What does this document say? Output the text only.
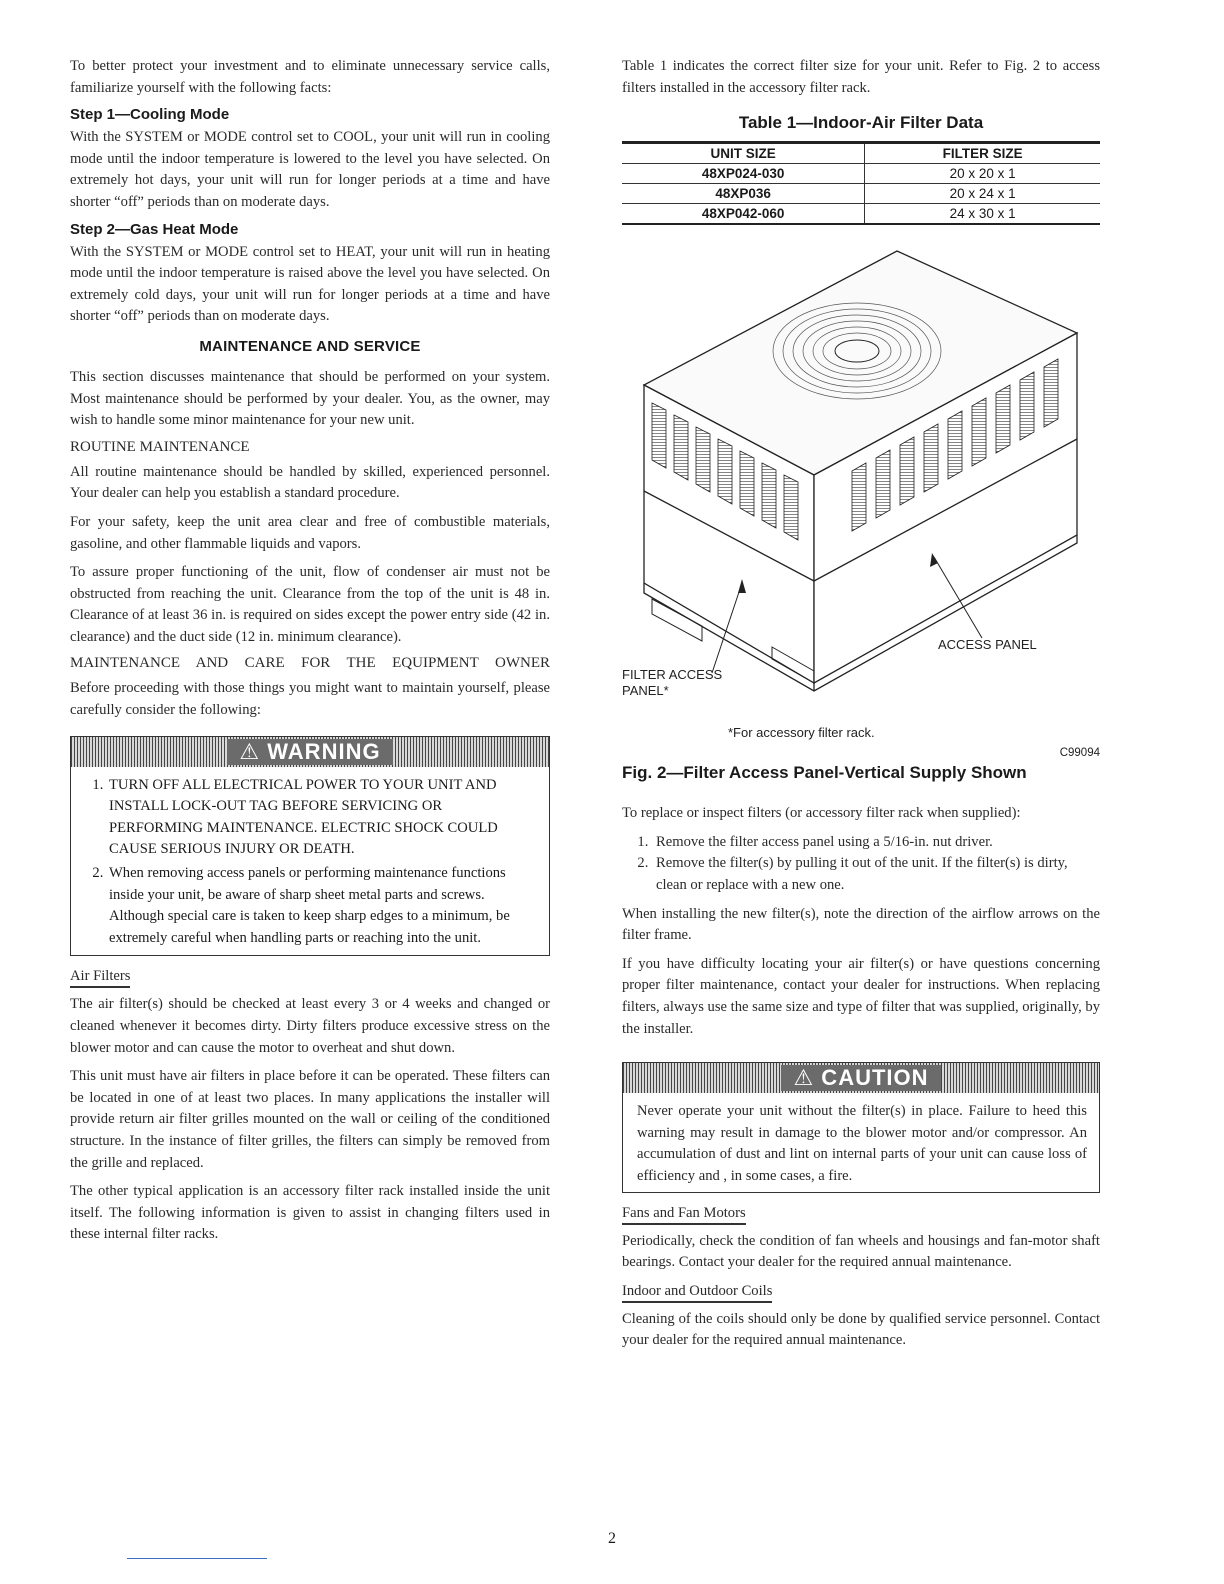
To better protect your investment and to eliminate unnecessary service calls, familiarize yourself with the following facts:

Step 1—Cooling Mode

With the SYSTEM or MODE control set to COOL, your unit will run in cooling mode until the indoor temperature is lowered to the level you have selected. On extremely hot days, your unit will run for longer periods at a time and have shorter “off” periods than on moderate days.

Step 2—Gas Heat Mode

With the SYSTEM or MODE control set to HEAT, your unit will run in heating mode until the indoor temperature is raised above the level you have selected. On extremely cold days, your unit will run for longer periods at a time and have shorter “off” periods than on moderate days.

MAINTENANCE AND SERVICE

This section discusses maintenance that should be performed on your system. Most maintenance should be performed by your dealer. You, as the owner, may wish to handle some minor maintenance for your new unit.

ROUTINE MAINTENANCE

All routine maintenance should be handled by skilled, experienced personnel. Your dealer can help you establish a standard procedure.

For your safety, keep the unit area clear and free of combustible materials, gasoline, and other flammable liquids and vapors.

To assure proper functioning of the unit, flow of condenser air must not be obstructed from reaching the unit. Clearance from the top of the unit is 48 in. Clearance of at least 36 in. is required on sides except the power entry side (42 in. clearance) and the duct side (12 in. minimum clearance).

MAINTENANCE AND CARE FOR THE EQUIPMENT OWNER

Before proceeding with those things you might want to maintain yourself, please carefully consider the following:

⚠ WARNING
1. TURN OFF ALL ELECTRICAL POWER TO YOUR UNIT AND INSTALL LOCK-OUT TAG BEFORE SERVICING OR PERFORMING MAINTENANCE. ELECTRIC SHOCK COULD CAUSE SERIOUS INJURY OR DEATH.
2. When removing access panels or performing maintenance functions inside your unit, be aware of sharp sheet metal parts and screws. Although special care is taken to keep sharp edges to a minimum, be extremely careful when handling parts or reaching into the unit.
Air Filters

The air filter(s) should be checked at least every 3 or 4 weeks and changed or cleaned whenever it becomes dirty. Dirty filters produce excessive stress on the blower motor and can cause the motor to overheat and shut down.

This unit must have air filters in place before it can be operated. These filters can be located in one of at least two places. In many applications the installer will provide return air filter grilles mounted on the wall or ceiling of the conditioned structure. In the instance of filter grilles, the filters can simply be removed from the grille and replaced.

The other typical application is an accessory filter rack installed inside the unit itself. The following information is given to assist in changing filters used in these internal filter racks.

Table 1 indicates the correct filter size for your unit. Refer to Fig. 2 to access filters installed in the accessory filter rack.

Table 1—Indoor-Air Filter Data
UNIT SIZE	FILTER SIZE
48XP024-030	20 x 20 x 1
48XP036	20 x 24 x 1
48XP042-060	24 x 30 x 1
ACCESS PANEL
FILTER ACCESS
PANEL*
*For accessory filter rack.
C99094
Fig. 2—Filter Access Panel-Vertical Supply Shown

To replace or inspect filters (or accessory filter rack when supplied):

1. Remove the filter access panel using a 5/16-in. nut driver.
2. Remove the filter(s) by pulling it out of the unit. If the filter(s) is dirty, clean or replace with a new one.

When installing the new filter(s), note the direction of the airflow arrows on the filter frame.

If you have difficulty locating your air filter(s) or have questions concerning proper filter maintenance, contact your dealer for instructions. When replacing filters, always use the same size and type of filter that was supplied, originally, by the installer.

⚠ CAUTION

Never operate your unit without the filter(s) in place. Failure to heed this warning may result in damage to the blower motor and/or compressor. An accumulation of dust and lint on internal parts of your unit can cause loss of efficiency and , in some cases, a fire.

Fans and Fan Motors

Periodically, check the condition of fan wheels and housings and fan-motor shaft bearings. Contact your dealer for the required annual maintenance.

Indoor and Outdoor Coils

Cleaning of the coils should only be done by qualified service personnel. Contact your dealer for the required annual maintenance.

2
